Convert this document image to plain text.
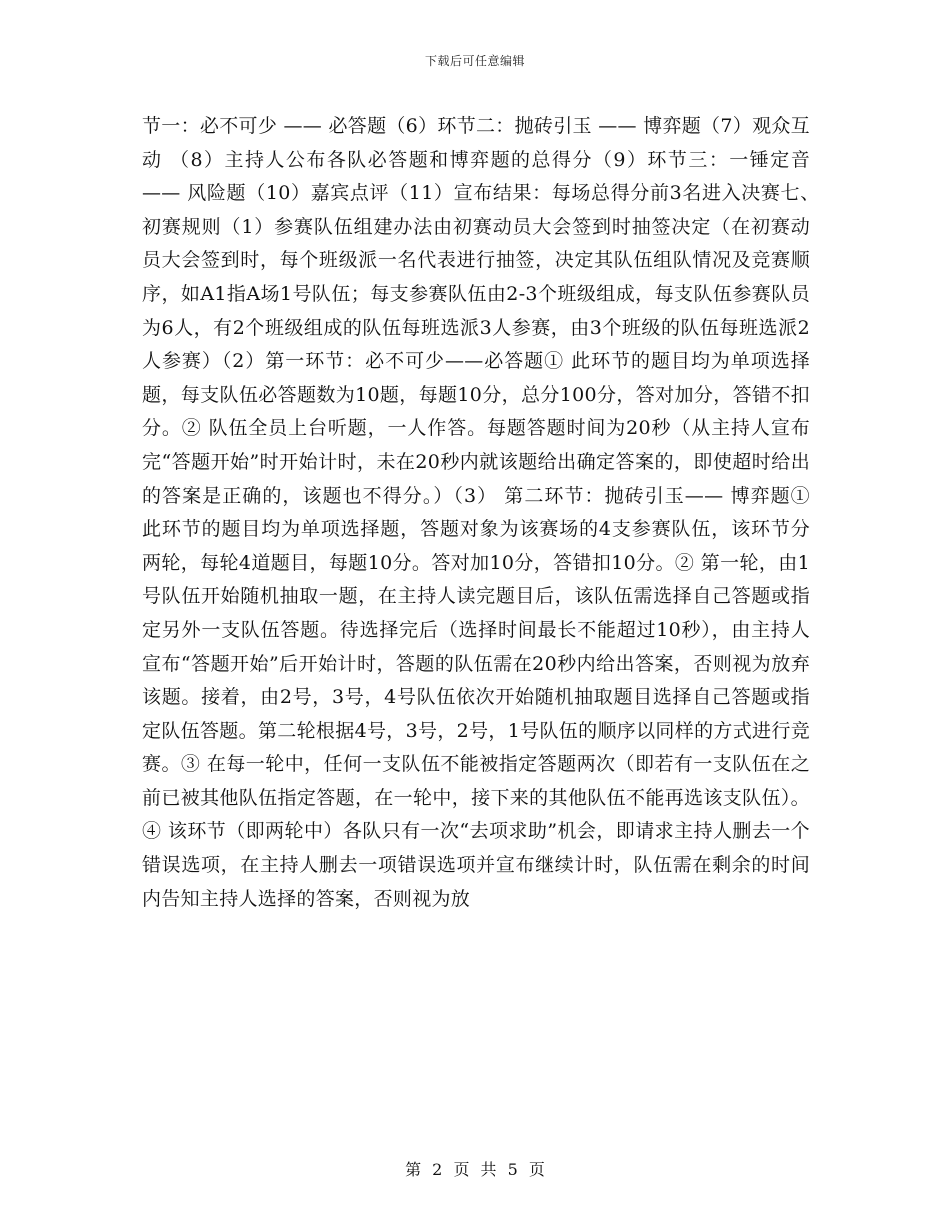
下载后可任意编辑
节一：必不可少 —— 必答题（6）环节二：抛砖引玉 —— 博弈题（7）观众互动 （8）主持人公布各队必答题和博弈题的总得分（9）环节三：一锤定音 —— 风险题（10）嘉宾点评（11）宣布结果：每场总得分前3名进入决赛七、　 初赛规则（1）参赛队伍组建办法由初赛动员大会签到时抽签决定（在初赛动员大会签到时，每个班级派一名代表进行抽签，决定其队伍组队情况及竞赛顺序，如A1指A场1号队伍；每支参赛队伍由2-3个班级组成，每支队伍参赛队员为6人，有2个班级组成的队伍每班选派3人参赛，由3个班级的队伍每班选派2人参赛）（2）第一环节：必不可少——必答题① 此环节的题目均为单项选择题，每支队伍必答题数为10题，每题10分，总分100分，答对加分，答错不扣分。② 队伍全员上台听题，一人作答。每题答题时间为20秒（从主持人宣布完“答题开始”时开始计时，未在20秒内就该题给出确定答案的，即使超时给出的答案是正确的，该题也不得分。）（3） 第二环节：抛砖引玉—— 博弈题① 此环节的题目均为单项选择题，答题对象为该赛场的4支参赛队伍，该环节分两轮，每轮4道题目，每题10分。答对加10分，答错扣10分。② 第一轮，由1号队伍开始随机抽取一题，在主持人读完题目后，该队伍需选择自己答题或指定另外一支队伍答题。待选择完后（选择时间最长不能超过10秒），由主持人宣布“答题开始”后开始计时，答题的队伍需在20秒内给出答案，否则视为放弃该题。接着，由2号，3号，4号队伍依次开始随机抽取题目选择自己答题或指定队伍答题。第二轮根据4号，3号，2号，1号队伍的顺序以同样的方式进行竞赛。③ 在每一轮中，任何一支队伍不能被指定答题两次（即若有一支队伍在之前已被其他队伍指定答题，在一轮中，接下来的其他队伍不能再选该支队伍）。④ 该环节（即两轮中）各队只有一次“去项求助”机会，即请求主持人删去一个错误选项，在主持人删去一项错误选项并宣布继续计时，队伍需在剩余的时间内告知主持人选择的答案，否则视为放
第 2 页 共 5 页
